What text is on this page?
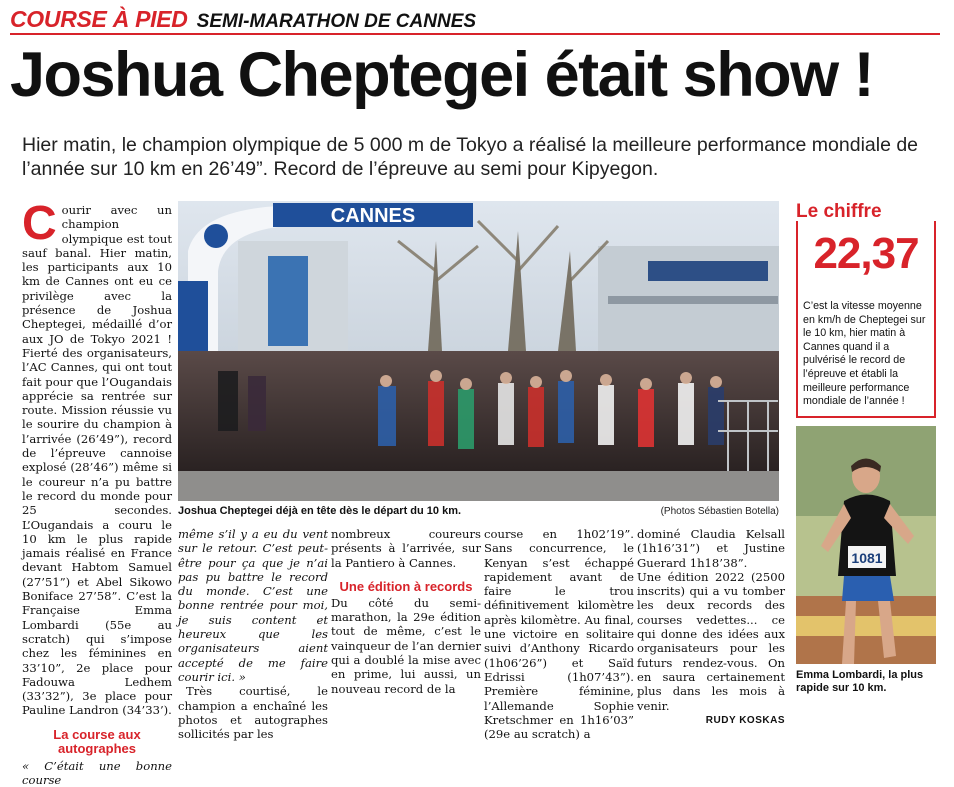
COURSE À PIED SEMI-MARATHON DE CANNES
Joshua Cheptegei était show !
Hier matin, le champion olympique de 5 000 m de Tokyo a réalisé la meilleure performance mondiale de l’année sur 10 km en 26’49”. Record de l’épreuve au semi pour Kipyegon.
C ourir avec un champion olympique est tout sauf banal. Hier matin, les participants aux 10 km de Cannes ont eu ce privilège avec la présence de Joshua Cheptegei, médaillé d’or aux JO de Tokyo 2021 ! Fierté des organisateurs, l’AC Cannes, qui ont tout fait pour que l’Ougandais apprécie sa rentrée sur route. Mission réussie vu le sourire du champion à l’arrivée (26’49”), record de l’épreuve cannoise explosé (28’46”) même si le coureur n’a pu battre le record du monde pour 25 secondes. L’Ougandais a couru le 10 km le plus rapide jamais réalisé en France devant Habtom Samuel (27’51”) et Abel Sikowo Boniface 27’58”. C’est la Française Emma Lombardi (55e au scratch) qui s’impose chez les féminines en 33’10”, 2e place pour Fadouwa Ledhem (33’32”), 3e place pour Pauline Landron (34’33’).

La course aux autographes

« C’était une bonne course

CANNES
Joshua Cheptegei déjà en tête dès le départ du 10 km.	(Photos Sébastien Botella)

même s’il y a eu du vent sur le retour. C’est peut-être pour ça que je n’ai pas pu battre le record du monde. C’est une bonne rentrée pour moi, je suis content et heureux que les organisateurs aient accepté de me faire courir ici. »

Très courtisé, le champion a enchaîné les photos et autographes sollicités par les

nombreux coureurs présents à l’arrivée, sur la Pantiero à Cannes.

Une édition à records

Du côté du semi-marathon, la 29e édition tout de même, c’est le vainqueur de l’an dernier qui a doublé la mise avec en prime, lui aussi, un nouveau record de la

course en 1h02’19”. Sans concurrence, le Kenyan s’est échappé rapidement avant de faire le trou définitivement kilomètre après kilomètre. Au final, une victoire en solitaire suivi d’Anthony Ricardo (1h06’26”) et Saïd Edrissi (1h07’43”). Première féminine, l’Allemande Sophie Kretschmer en 1h16’03” (29e au scratch) a

dominé Claudia Kelsall (1h16’31”) et Justine Guerard 1h18’38”.

Une édition 2022 (2500 inscrits) qui a vu tomber les deux records des courses vedettes... ce qui donne des idées aux organisateurs pour les futurs rendez-vous. On en saura certainement plus dans les mois à venir.

RUDY KOSKAS
Le chiffre
22,37
C’est la vitesse moyenne en km/h de Cheptegei sur le 10 km, hier matin à Cannes quand il a pulvérisé le record de l’épreuve et établi la meilleure performance mondiale de l’année !
1081
Emma Lombardi, la plus rapide sur 10 km.
